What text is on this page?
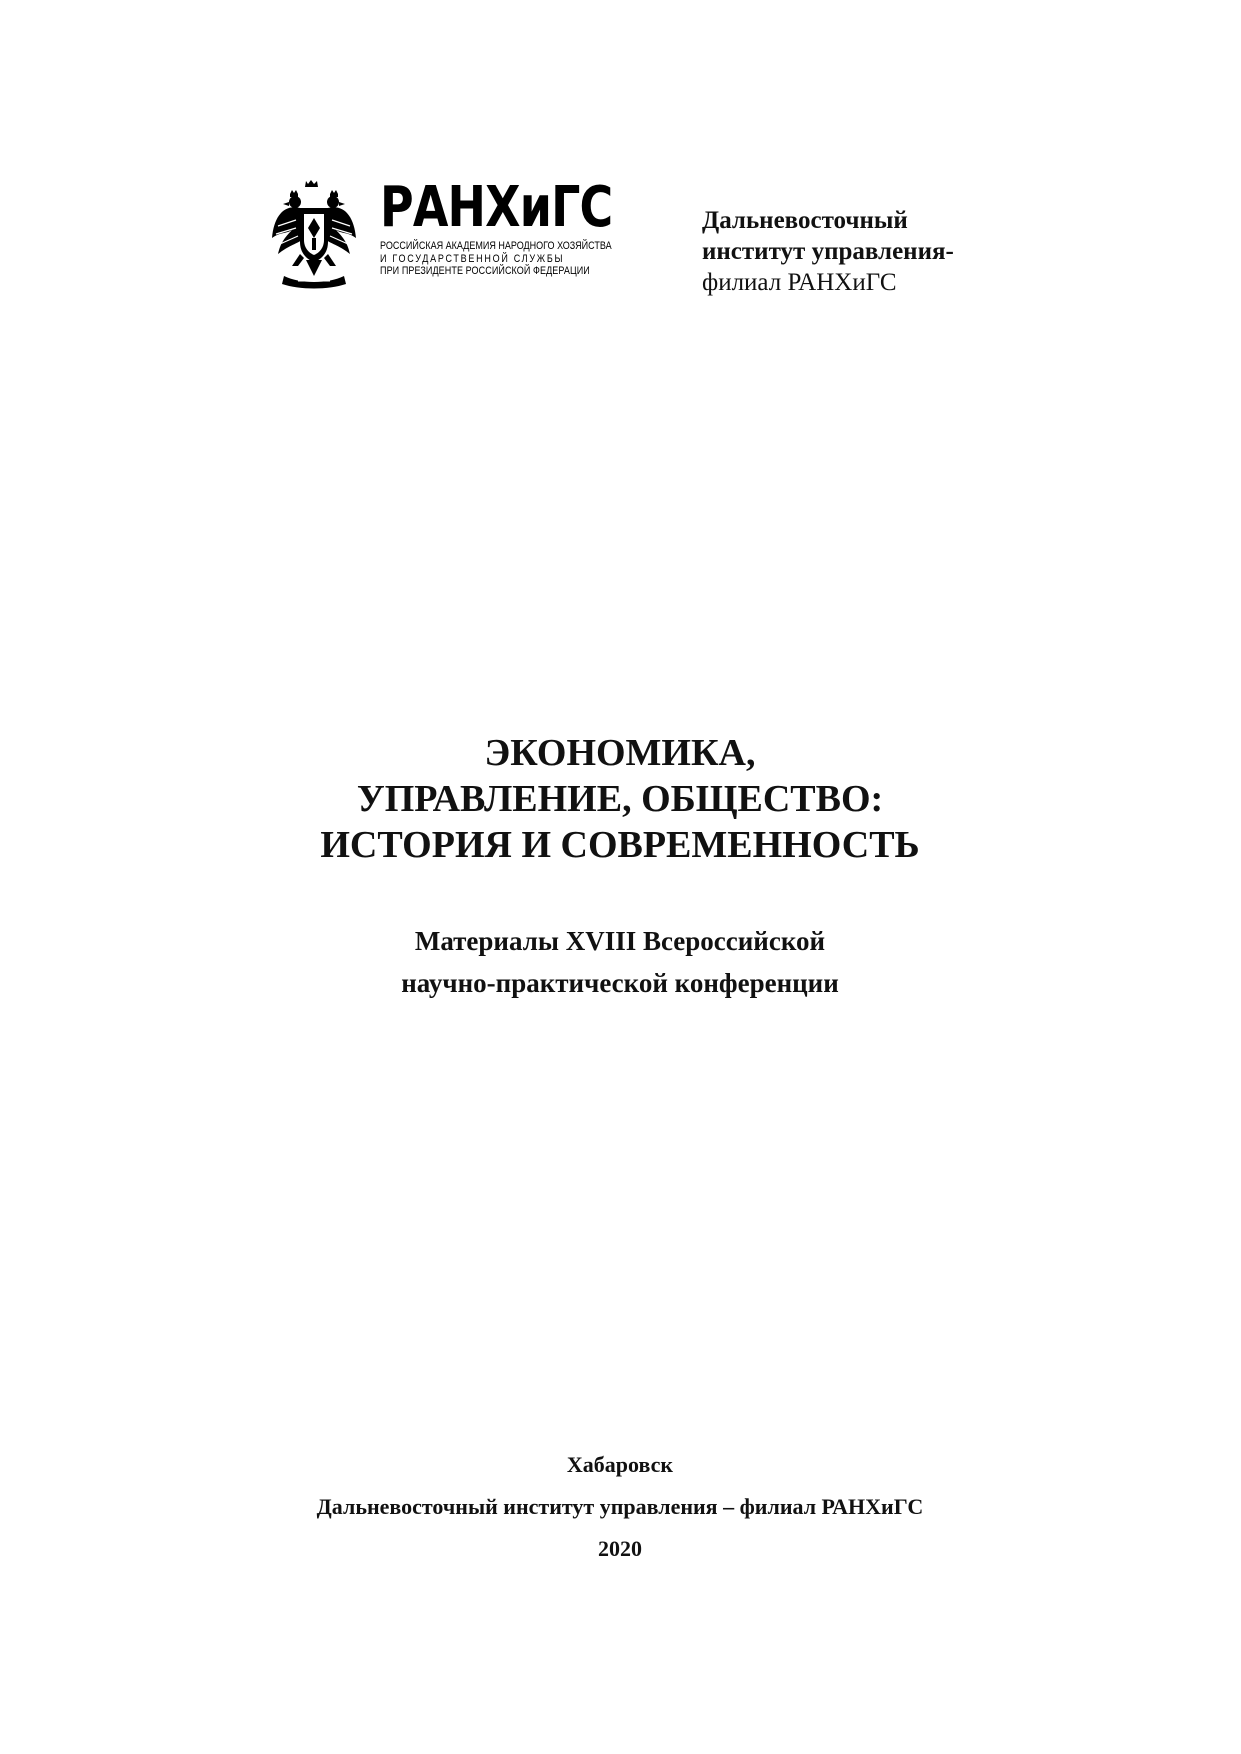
РАНХиГС
РОССИЙСКАЯ АКАДЕМИЯ НАРОДНОГО ХОЗЯЙСТВА
И ГОСУДАРСТВЕННОЙ СЛУЖБЫ
ПРИ ПРЕЗИДЕНТЕ РОССИЙСКОЙ ФЕДЕРАЦИИ
Дальневосточный
институт управления-
филиал РАНХиГС
ЭКОНОМИКА,
УПРАВЛЕНИЕ, ОБЩЕСТВО:
ИСТОРИЯ И СОВРЕМЕННОСТЬ
Материалы XVIII Всероссийской
научно-практической конференции
Хабаровск
Дальневосточный институт управления – филиал РАНХиГС
2020
